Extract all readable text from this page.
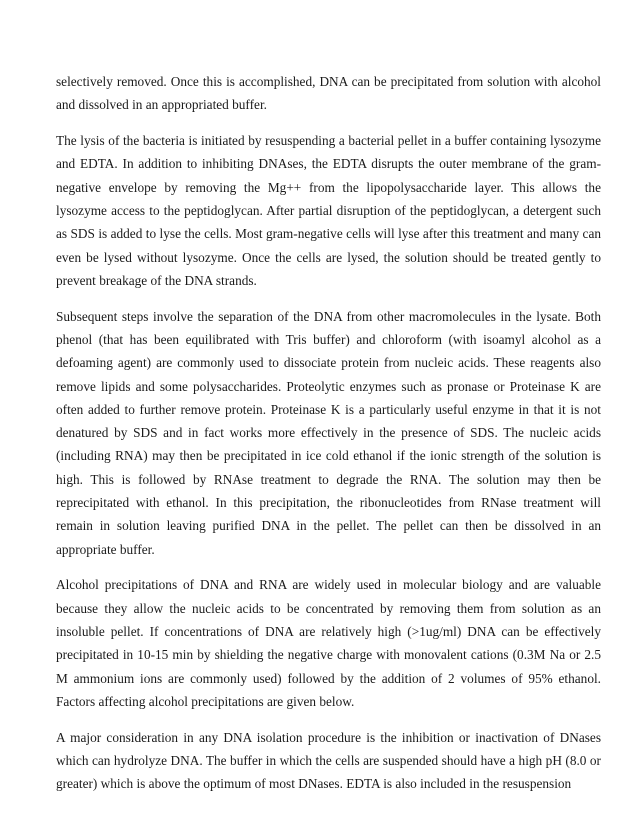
selectively removed. Once this is accomplished, DNA can be precipitated from solution with alcohol and dissolved in an appropriated buffer.

The lysis of the bacteria is initiated by resuspending a bacterial pellet in a buffer containing lysozyme and EDTA. In addition to inhibiting DNAses, the EDTA disrupts the outer membrane of the gram-negative envelope by removing the Mg++ from the lipopolysaccharide layer. This allows the lysozyme access to the peptidoglycan. After partial disruption of the peptidoglycan, a detergent such as SDS is added to lyse the cells. Most gram-negative cells will lyse after this treatment and many can even be lysed without lysozyme. Once the cells are lysed, the solution should be treated gently to prevent breakage of the DNA strands.

Subsequent steps involve the separation of the DNA from other macromolecules in the lysate. Both phenol (that has been equilibrated with Tris buffer) and chloroform (with isoamyl alcohol as a defoaming agent) are commonly used to dissociate protein from nucleic acids. These reagents also remove lipids and some polysaccharides. Proteolytic enzymes such as pronase or Proteinase K are often added to further remove protein. Proteinase K is a particularly useful enzyme in that it is not denatured by SDS and in fact works more effectively in the presence of SDS. The nucleic acids (including RNA) may then be precipitated in ice cold ethanol if the ionic strength of the solution is high. This is followed by RNAse treatment to degrade the RNA. The solution may then be reprecipitated with ethanol. In this precipitation, the ribonucleotides from RNase treatment will remain in solution leaving purified DNA in the pellet. The pellet can then be dissolved in an appropriate buffer.

Alcohol precipitations of DNA and RNA are widely used in molecular biology and are valuable because they allow the nucleic acids to be concentrated by removing them from solution as an insoluble pellet. If concentrations of DNA are relatively high (>1ug/ml) DNA can be effectively precipitated in 10-15 min by shielding the negative charge with monovalent cations (0.3M Na or 2.5 M ammonium ions are commonly used) followed by the addition of 2 volumes of 95% ethanol. Factors affecting alcohol precipitations are given below.

A major consideration in any DNA isolation procedure is the inhibition or inactivation of DNases which can hydrolyze DNA. The buffer in which the cells are suspended should have a high pH (8.0 or greater) which is above the optimum of most DNases. EDTA is also included in the resuspension
